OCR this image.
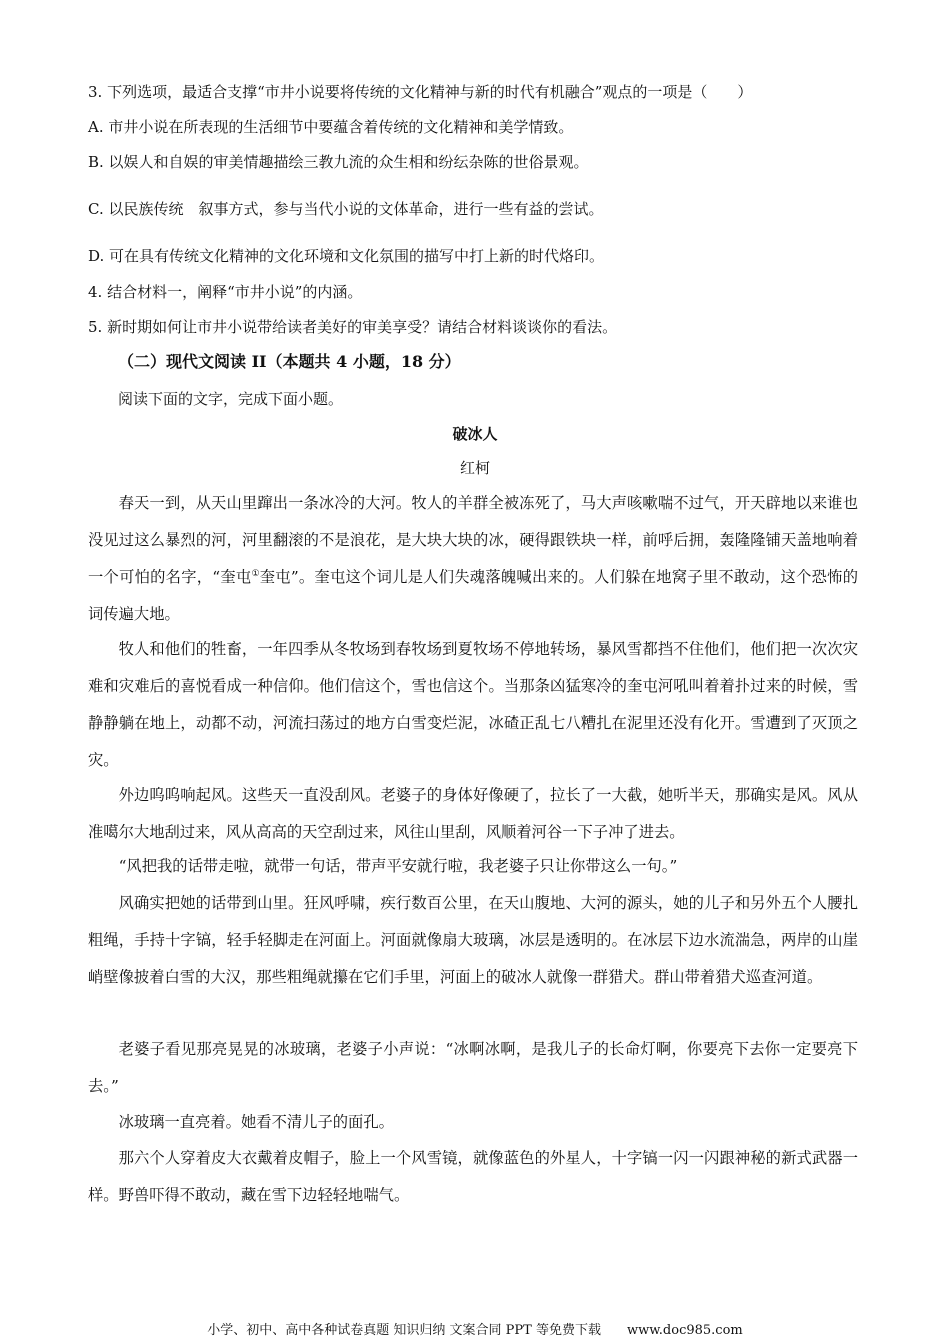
3. 下列选项，最适合支撑“市井小说要将传统的文化精神与新的时代有机融合”观点的一项是（　　）
A. 市井小说在所表现的生活细节中要蕴含着传统的文化精神和美学情致。
B. 以娱人和自娱的审美情趣描绘三教九流的众生相和纷纭杂陈的世俗景观。
C. 以民族传统　叙事方式，参与当代小说的文体革命，进行一些有益的尝试。
D. 可在具有传统文化精神的文化环境和文化氛围的描写中打上新的时代烙印。
4. 结合材料一，阐释“市井小说”的内涵。
5. 新时期如何让市井小说带给读者美好的审美享受？请结合材料谈谈你的看法。
（二）现代文阅读 II（本题共 4 小题，18 分）
阅读下面的文字，完成下面小题。
破冰人
红柯
春天一到，从天山里蹿出一条冰冷的大河。牧人的羊群全被冻死了，马大声咳嗽喘不过气，开天辟地以来谁也没见过这么暴烈的河，河里翻滚的不是浪花，是大块大块的冰，硬得跟铁块一样，前呼后拥，轰隆隆铺天盖地响着一个可怕的名字，“奎屯①奎屯”。奎屯这个词儿是人们失魂落魄喊出来的。人们躲在地窝子里不敢动，这个恐怖的词传遍大地。
牧人和他们的牲畜，一年四季从冬牧场到春牧场到夏牧场不停地转场，暴风雪都挡不住他们，他们把一次次灾难和灾难后的喜悦看成一种信仰。他们信这个，雪也信这个。当那条凶猛寒冷的奎屯河吼叫着着扑过来的时候，雪静静躺在地上，动都不动，河流扫荡过的地方白雪变烂泥，冰碴正乱七八糟扎在泥里还没有化开。雪遭到了灭顶之灾。
外边呜呜响起风。这些天一直没刮风。老婆子的身体好像硬了，拉长了一大截，她听半天，那确实是风。风从准噶尔大地刮过来，风从高高的天空刮过来，风往山里刮，风顺着河谷一下子冲了进去。
“风把我的话带走啦，就带一句话，带声平安就行啦，我老婆子只让你带这么一句。”
风确实把她的话带到山里。狂风呼啸，疾行数百公里，在天山腹地、大河的源头，她的儿子和另外五个人腰扎粗绳，手持十字镐，轻手轻脚走在河面上。河面就像扇大玻璃，冰层是透明的。在冰层下边水流湍急，两岸的山崖峭壁像披着白雪的大汉，那些粗绳就攥在它们手里，河面上的破冰人就像一群猎犬。群山带着猎犬巡查河道。
老婆子看见那亮晃晃的冰玻璃，老婆子小声说：“冰啊冰啊，是我儿子的长命灯啊，你要亮下去你一定要亮下去。”
冰玻璃一直亮着。她看不清儿子的面孔。
那六个人穿着皮大衣戴着皮帽子，脸上一个风雪镜，就像蓝色的外星人，十字镐一闪一闪跟神秘的新式武器一样。野兽吓得不敢动，藏在雪下边轻轻地喘气。
小学、初中、高中各种试卷真题 知识归纳 文案合同 PPT 等免费下载　　www.doc985.com
